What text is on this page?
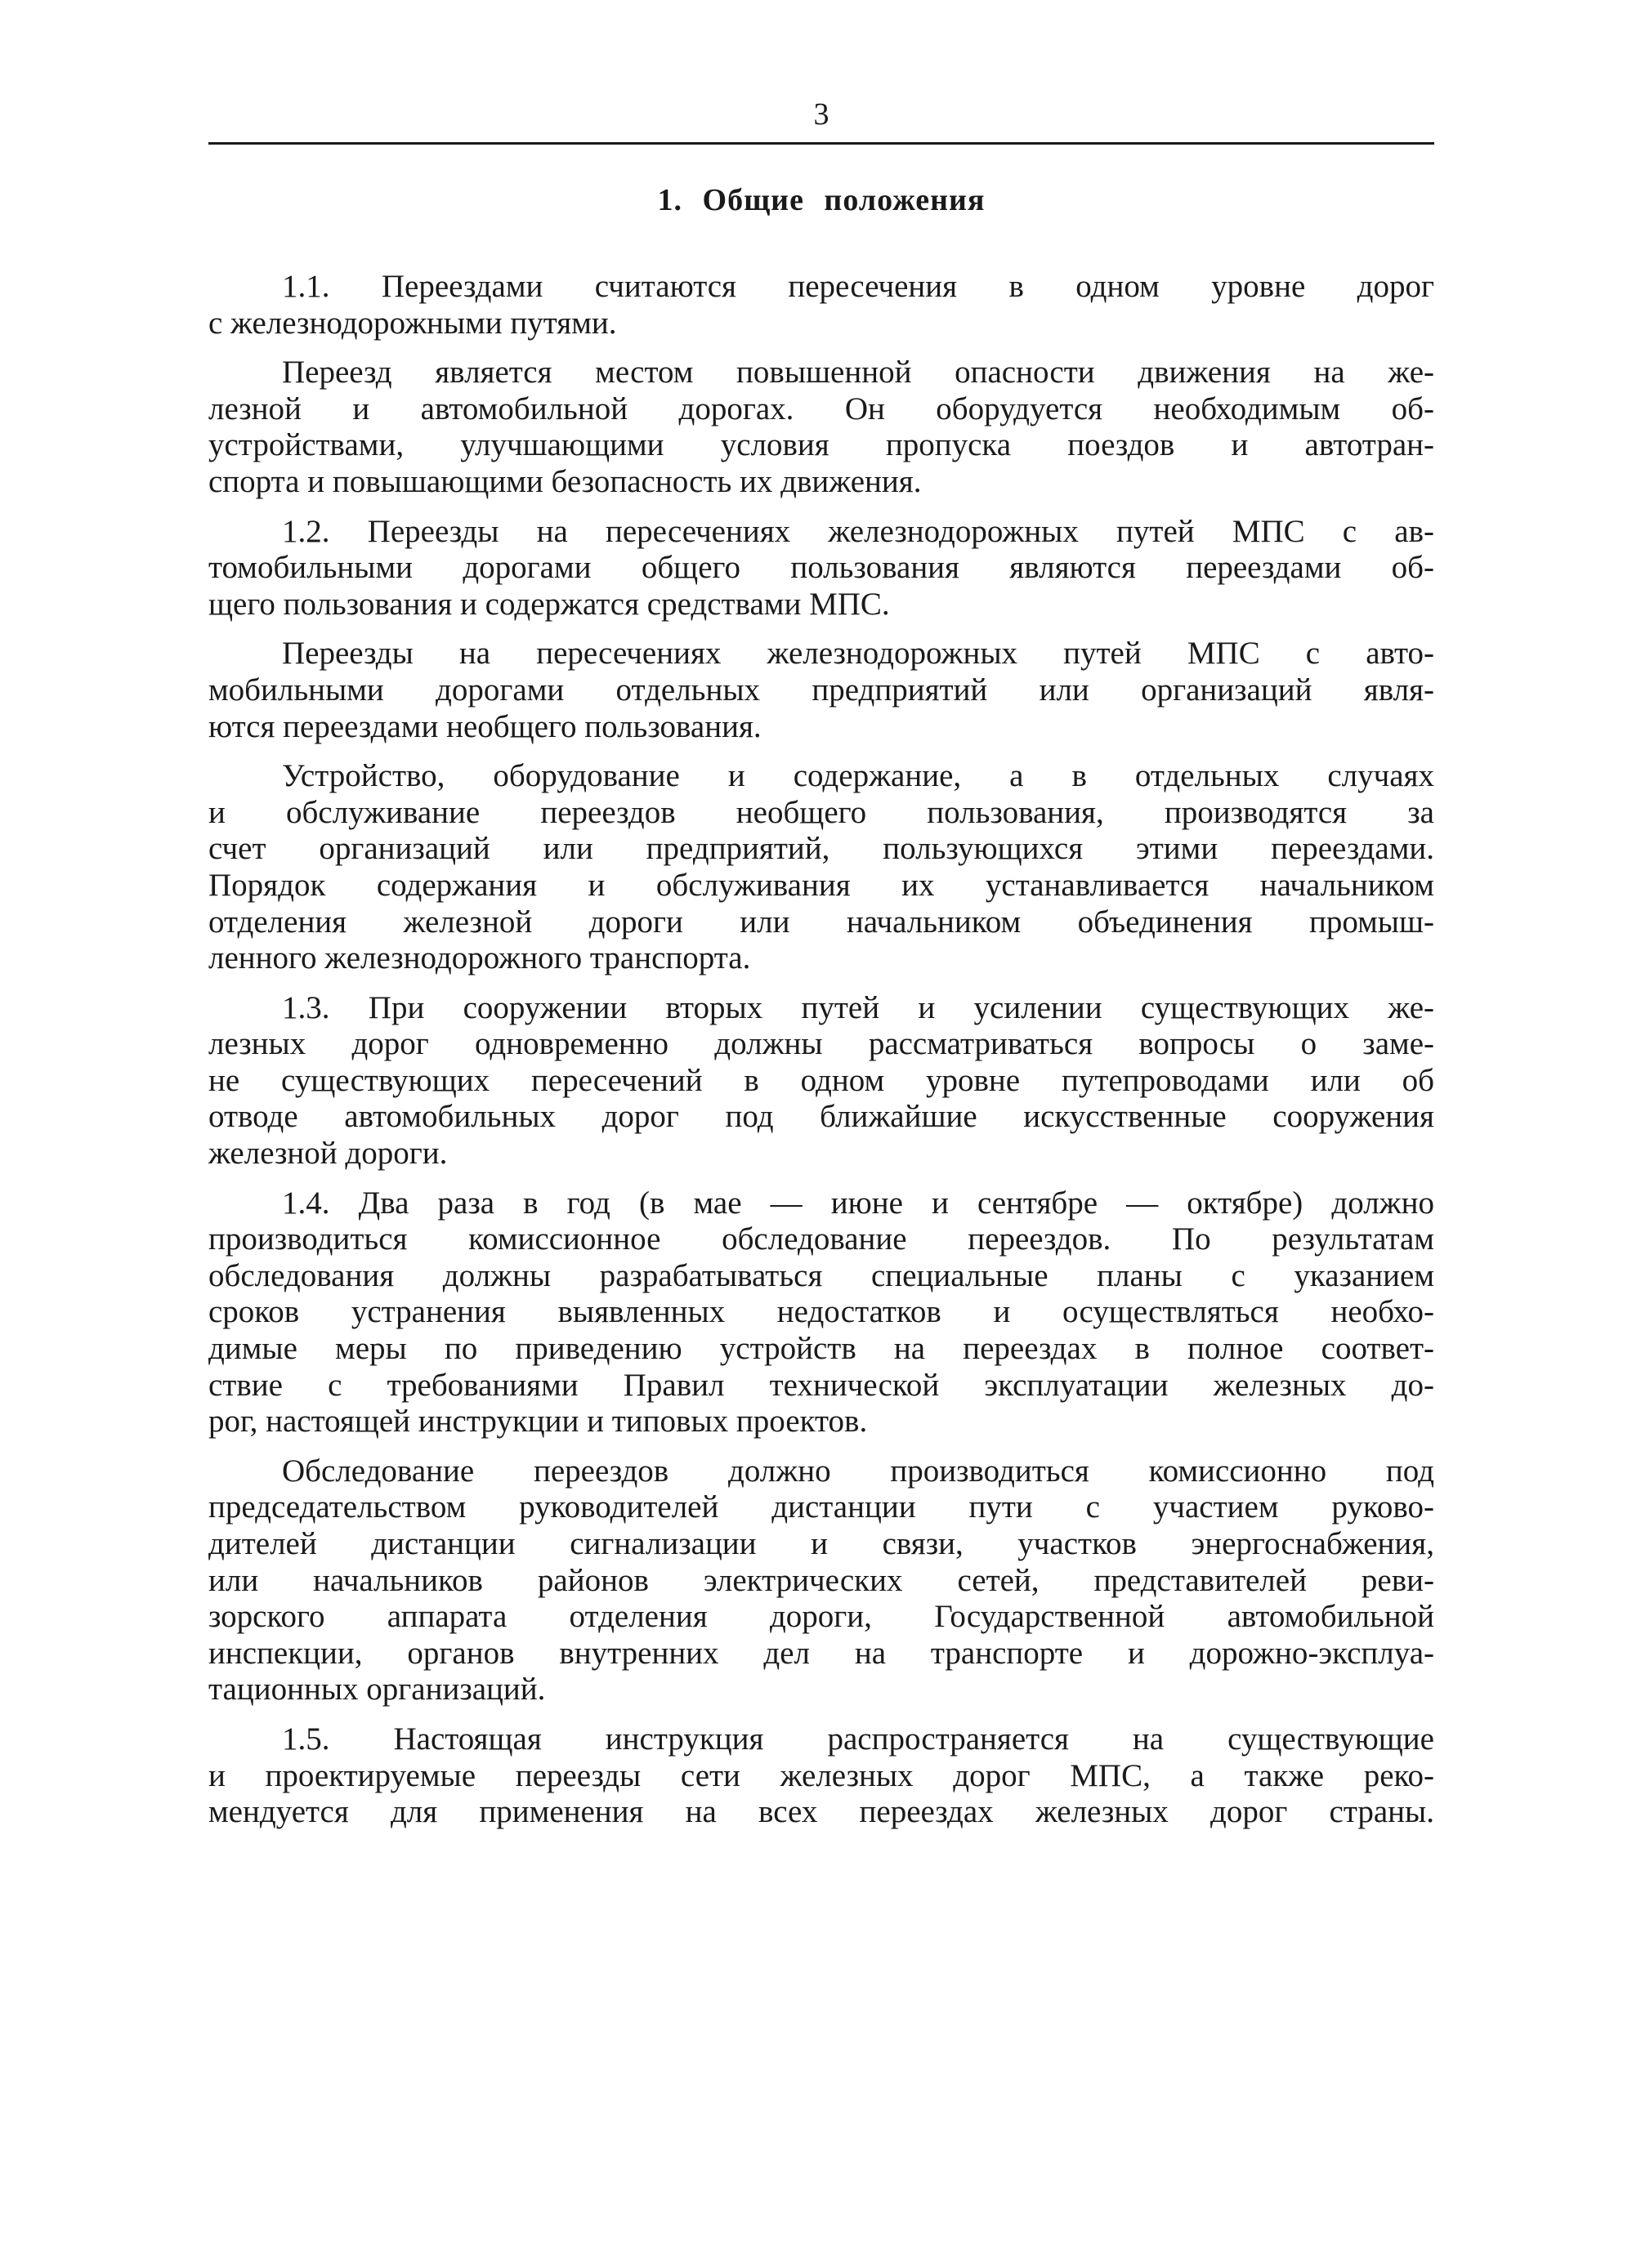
3
1. Общие положения
1.1. Переездами считаются пересечения в одном уровне дорог
с железнодорожными путями.
Переезд является местом повышенной опасности движения на же-
лезной и автомобильной дорогах. Он оборудуется необходимым об-
устройствами, улучшающими условия пропуска поездов и автотран-
спорта и повышающими безопасность их движения.
1.2. Переезды на пересечениях железнодорожных путей МПС с ав-
томобильными дорогами общего пользования являются переездами об-
щего пользования и содержатся средствами МПС.
Переезды на пересечениях железнодорожных путей МПС с авто-
мобильными дорогами отдельных предприятий или организаций явля-
ются переездами необщего пользования.
Устройство, оборудование и содержание, а в отдельных случаях
и обслуживание переездов необщего пользования, производятся за
счет организаций или предприятий, пользующихся этими переездами.
Порядок содержания и обслуживания их устанавливается начальником
отделения железной дороги или начальником объединения промыш-
ленного железнодорожного транспорта.
1.3. При сооружении вторых путей и усилении существующих же-
лезных дорог одновременно должны рассматриваться вопросы о заме-
не существующих пересечений в одном уровне путепроводами или об
отводе автомобильных дорог под ближайшие искусственные сооружения
железной дороги.
1.4. Два раза в год (в мае — июне и сентябре — октябре) должно
производиться комиссионное обследование переездов. По результатам
обследования должны разрабатываться специальные планы с указанием
сроков устранения выявленных недостатков и осуществляться необхо-
димые меры по приведению устройств на переездах в полное соответ-
ствие с требованиями Правил технической эксплуатации железных до-
рог, настоящей инструкции и типовых проектов.
Обследование переездов должно производиться комиссионно под
председательством руководителей дистанции пути с участием руково-
дителей дистанции сигнализации и связи, участков энергоснабжения,
или начальников районов электрических сетей, представителей реви-
зорского аппарата отделения дороги, Государственной автомобильной
инспекции, органов внутренних дел на транспорте и дорожно-эксплуа-
тационных организаций.
1.5. Настоящая инструкция распространяется на существующие
и проектируемые переезды сети железных дорог МПС, а также реко-
мендуется для применения на всех переездах железных дорог страны.
